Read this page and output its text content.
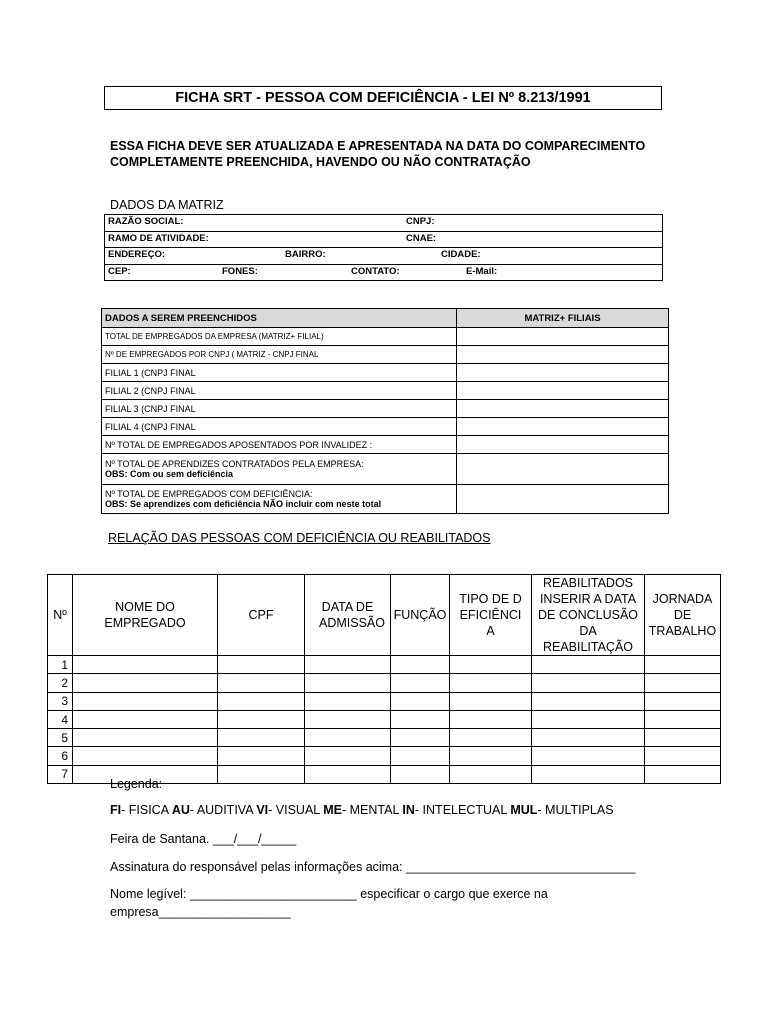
FICHA SRT - PESSOA COM DEFICIÊNCIA - LEI Nº 8.213/1991
ESSA FICHA DEVE SER ATUALIZADA E APRESENTADA NA DATA DO COMPARECIMENTO
COMPLETAMENTE PREENCHIDA, HAVENDO OU NÃO CONTRATAÇÃO
DADOS DA MATRIZ
RAZÃO SOCIAL:	CNPJ:

RAMO DE ATIVIDADE:	CNAE:

ENDEREÇO:	BAIRRO:	CIDADE:

CEP:	FONES:	CONTATO:	E-Mail:
DADOS A SEREM PREENCHIDOS	MATRIZ+ FILIAIS
TOTAL DE EMPREGADOS DA EMPRESA (MATRIZ+ FILIAL)	
Nº DE EMPREGADOS POR CNPJ ( MATRIZ - CNPJ FINAL	
FILIAL 1 (CNPJ FINAL	
FILIAL 2 (CNPJ FINAL	
FILIAL 3 (CNPJ FINAL	
FILIAL 4 (CNPJ FINAL	
Nº TOTAL DE EMPREGADOS APOSENTADOS POR INVALIDEZ :	

Nº TOTAL DE APRENDIZES CONTRATADOS PELA EMPRESA:
OBS: Com ou sem deficiência	

Nº TOTAL DE EMPREGADOS COM DEFICIÊNCIA:
OBS: Se aprendizes com deficiência NÃO incluir com neste total	

RELAÇÃO DAS PESSOAS COM DEFICIÊNCIA OU REABILITADOS
Nº	NOME DO EMPREGADO	CPF	DATA DE ADMISSÃO	FUNÇÃO	TIPO DE DEFICIÊNCIA	REABILITADOS INSERIR A DATA DE CONCLUSÃO DA REABILITAÇÃO	JORNADA DE TRABALHO
1							
2							
3							
4							
5							
6							
7							
Legenda:
FI- FISICA AU- AUDITIVA VI- VISUAL ME- MENTAL IN- INTELECTUAL MUL- MULTIPLAS
Feira de Santana. ___/___/_____
Assinatura do responsável pelas informações acima: _________________________________
Nome legível: ________________________ especificar o cargo que exerce na
empresa___________________
